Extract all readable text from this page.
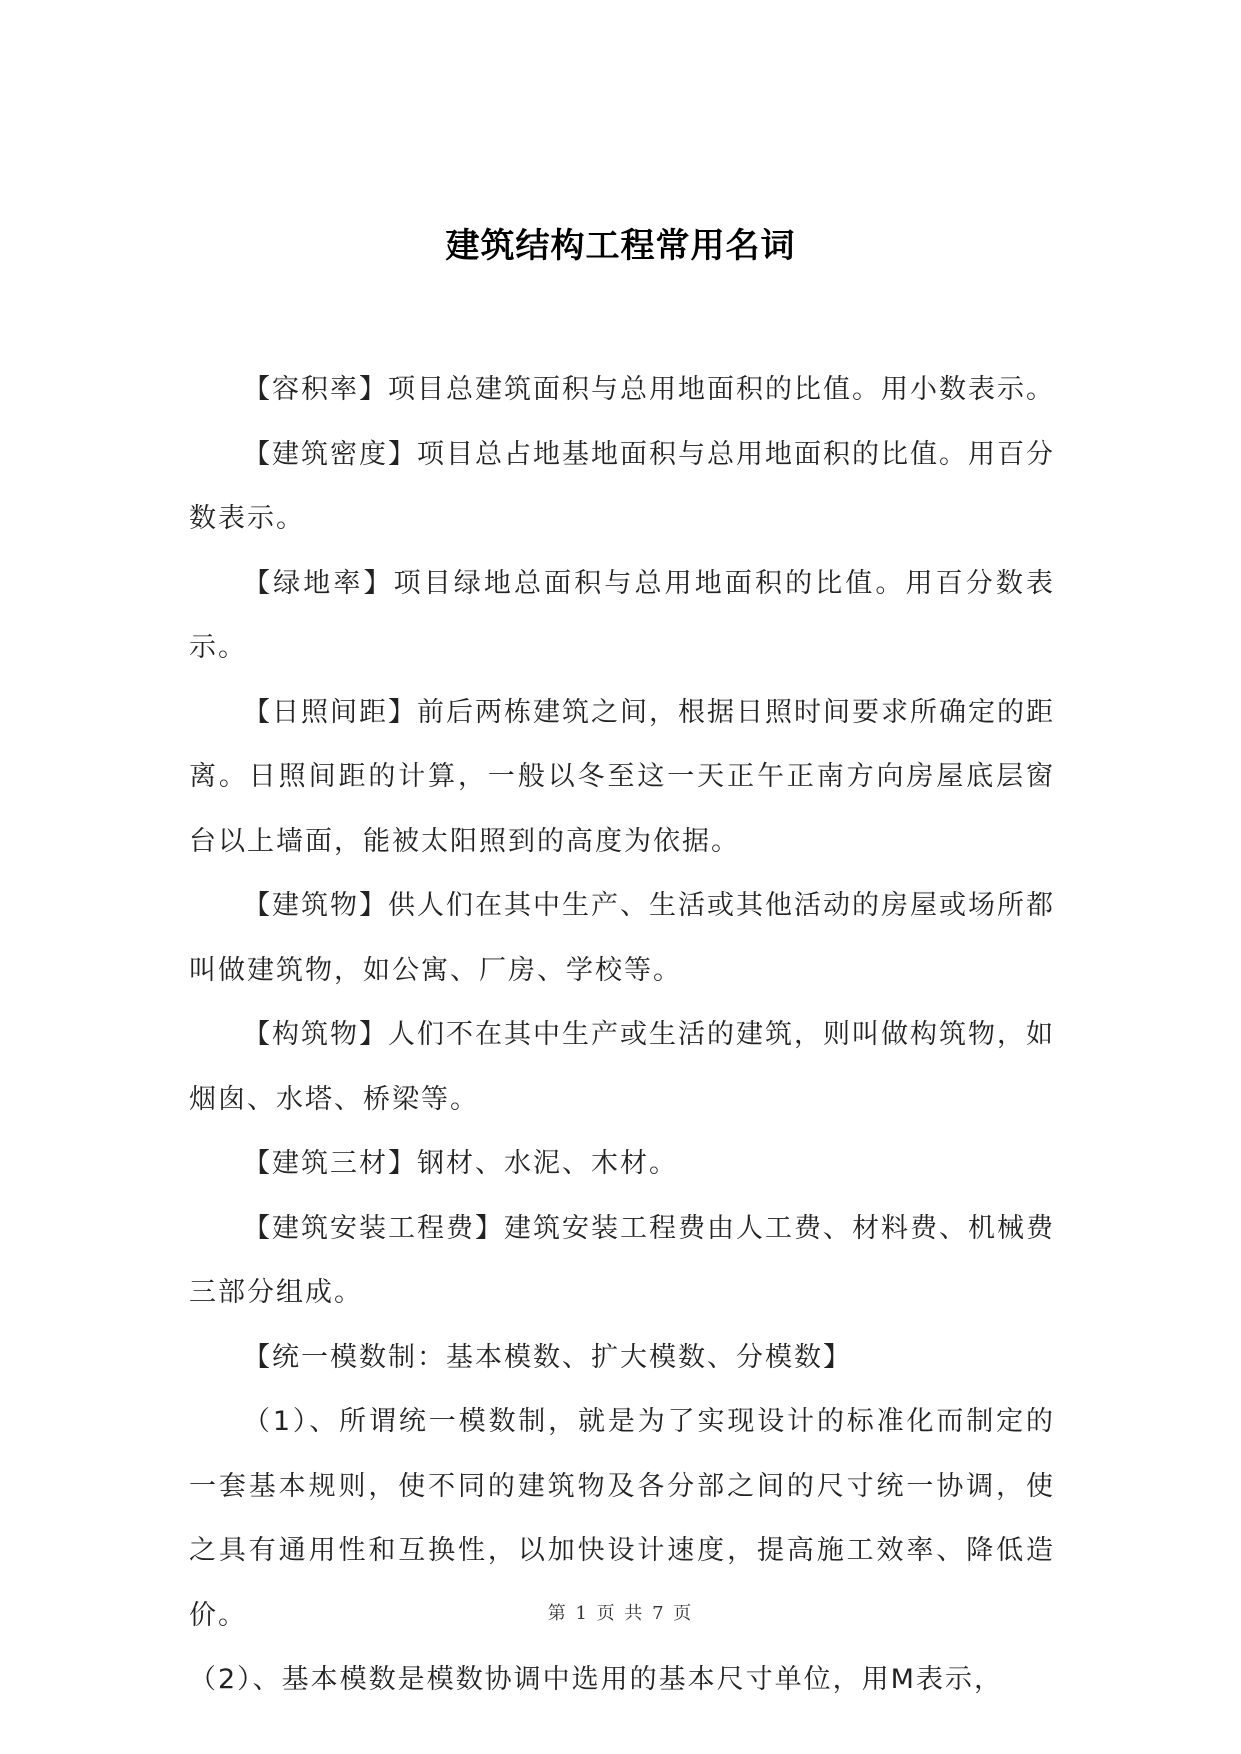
建筑结构工程常用名词

【容积率】项目总建筑面积与总用地面积的比值。用小数表示。

【建筑密度】项目总占地基地面积与总用地面积的比值。用百分数表示。

【绿地率】项目绿地总面积与总用地面积的比值。用百分数表示。

【日照间距】前后两栋建筑之间，根据日照时间要求所确定的距离。日照间距的计算，一般以冬至这一天正午正南方向房屋底层窗台以上墙面，能被太阳照到的高度为依据。

【建筑物】供人们在其中生产、生活或其他活动的房屋或场所都叫做建筑物，如公寓、厂房、学校等。

【构筑物】人们不在其中生产或生活的建筑，则叫做构筑物，如烟囱、水塔、桥梁等。

【建筑三材】钢材、水泥、木材。

【建筑安装工程费】建筑安装工程费由人工费、材料费、机械费三部分组成。

【统一模数制：基本模数、扩大模数、分模数】

（1）、所谓统一模数制，就是为了实现设计的标准化而制定的一套基本规则，使不同的建筑物及各分部之间的尺寸统一协调，使之具有通用性和互换性，以加快设计速度，提高施工效率、降低造价。

（2）、基本模数是模数协调中选用的基本尺寸单位，用M表示，

第 1 页 共 7 页
